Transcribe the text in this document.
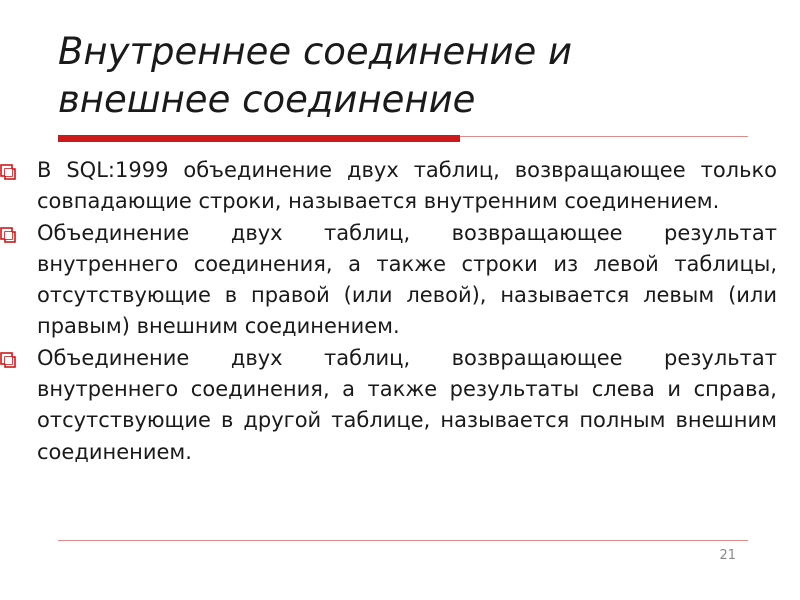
Внутреннее соединение и
внешнее соединение
В SQL:1999 объединение двух таблиц, возвращающее только совпадающие строки, называется внутренним соединением.
Объединение двух таблиц, возвращающее результат внутреннего соединения, а также строки из левой таблицы, отсутствующие в правой (или левой), называется левым (или правым) внешним соединением.
Объединение двух таблиц, возвращающее результат внутреннего соединения, а также результаты слева и справа, отсутствующие в другой таблице, называется полным внешним соединением.
21
